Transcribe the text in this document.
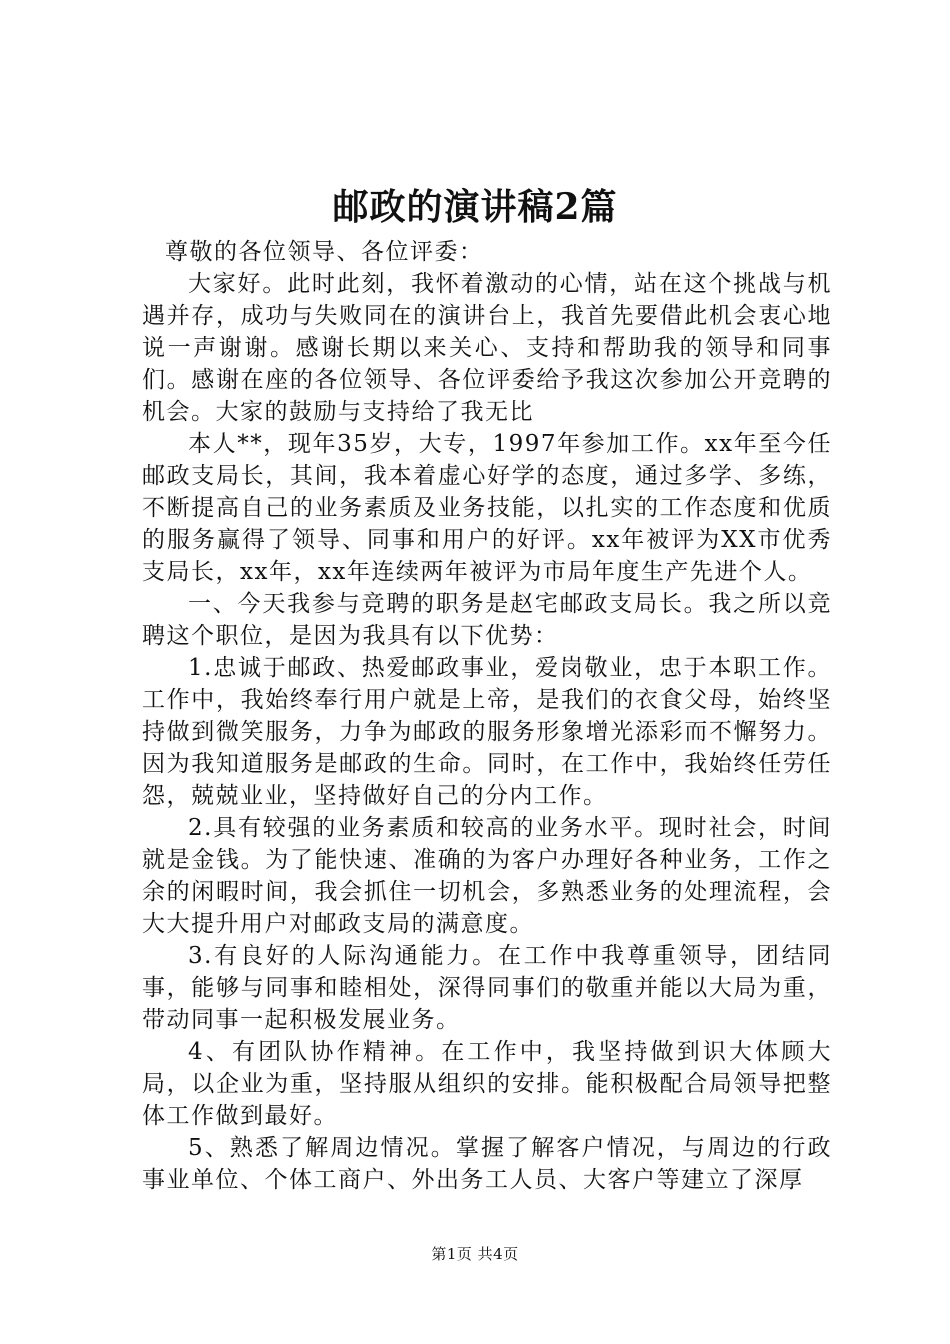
邮政的演讲稿2篇

尊敬的各位领导、各位评委：

大家好。此时此刻，我怀着激动的心情，站在这个挑战与机遇并存，成功与失败同在的演讲台上，我首先要借此机会衷心地说一声谢谢。感谢长期以来关心、支持和帮助我的领导和同事们。感谢在座的各位领导、各位评委给予我这次参加公开竞聘的机会。大家的鼓励与支持给了我无比

本人**，现年35岁，大专，1997年参加工作。xx年至今任邮政支局长，其间，我本着虚心好学的态度，通过多学、多练，不断提高自己的业务素质及业务技能，以扎实的工作态度和优质的服务赢得了领导、同事和用户的好评。xx年被评为XX市优秀支局长，xx年，xx年连续两年被评为市局年度生产先进个人。

一、今天我参与竞聘的职务是赵宅邮政支局长。我之所以竞聘这个职位，是因为我具有以下优势：

1.忠诚于邮政、热爱邮政事业，爱岗敬业，忠于本职工作。工作中，我始终奉行用户就是上帝，是我们的衣食父母，始终坚持做到微笑服务，力争为邮政的服务形象增光添彩而不懈努力。因为我知道服务是邮政的生命。同时，在工作中，我始终任劳任怨，兢兢业业，坚持做好自己的分内工作。

2.具有较强的业务素质和较高的业务水平。现时社会，时间就是金钱。为了能快速、准确的为客户办理好各种业务，工作之余的闲暇时间，我会抓住一切机会，多熟悉业务的处理流程，会大大提升用户对邮政支局的满意度。

3.有良好的人际沟通能力。在工作中我尊重领导，团结同事，能够与同事和睦相处，深得同事们的敬重并能以大局为重，带动同事一起积极发展业务。

4、有团队协作精神。在工作中，我坚持做到识大体顾大局，以企业为重，坚持服从组织的安排。能积极配合局领导把整体工作做到最好。

5、熟悉了解周边情况。掌握了解客户情况，与周边的行政事业单位、个体工商户、外出务工人员、大客户等建立了深厚

第1页 共4页
